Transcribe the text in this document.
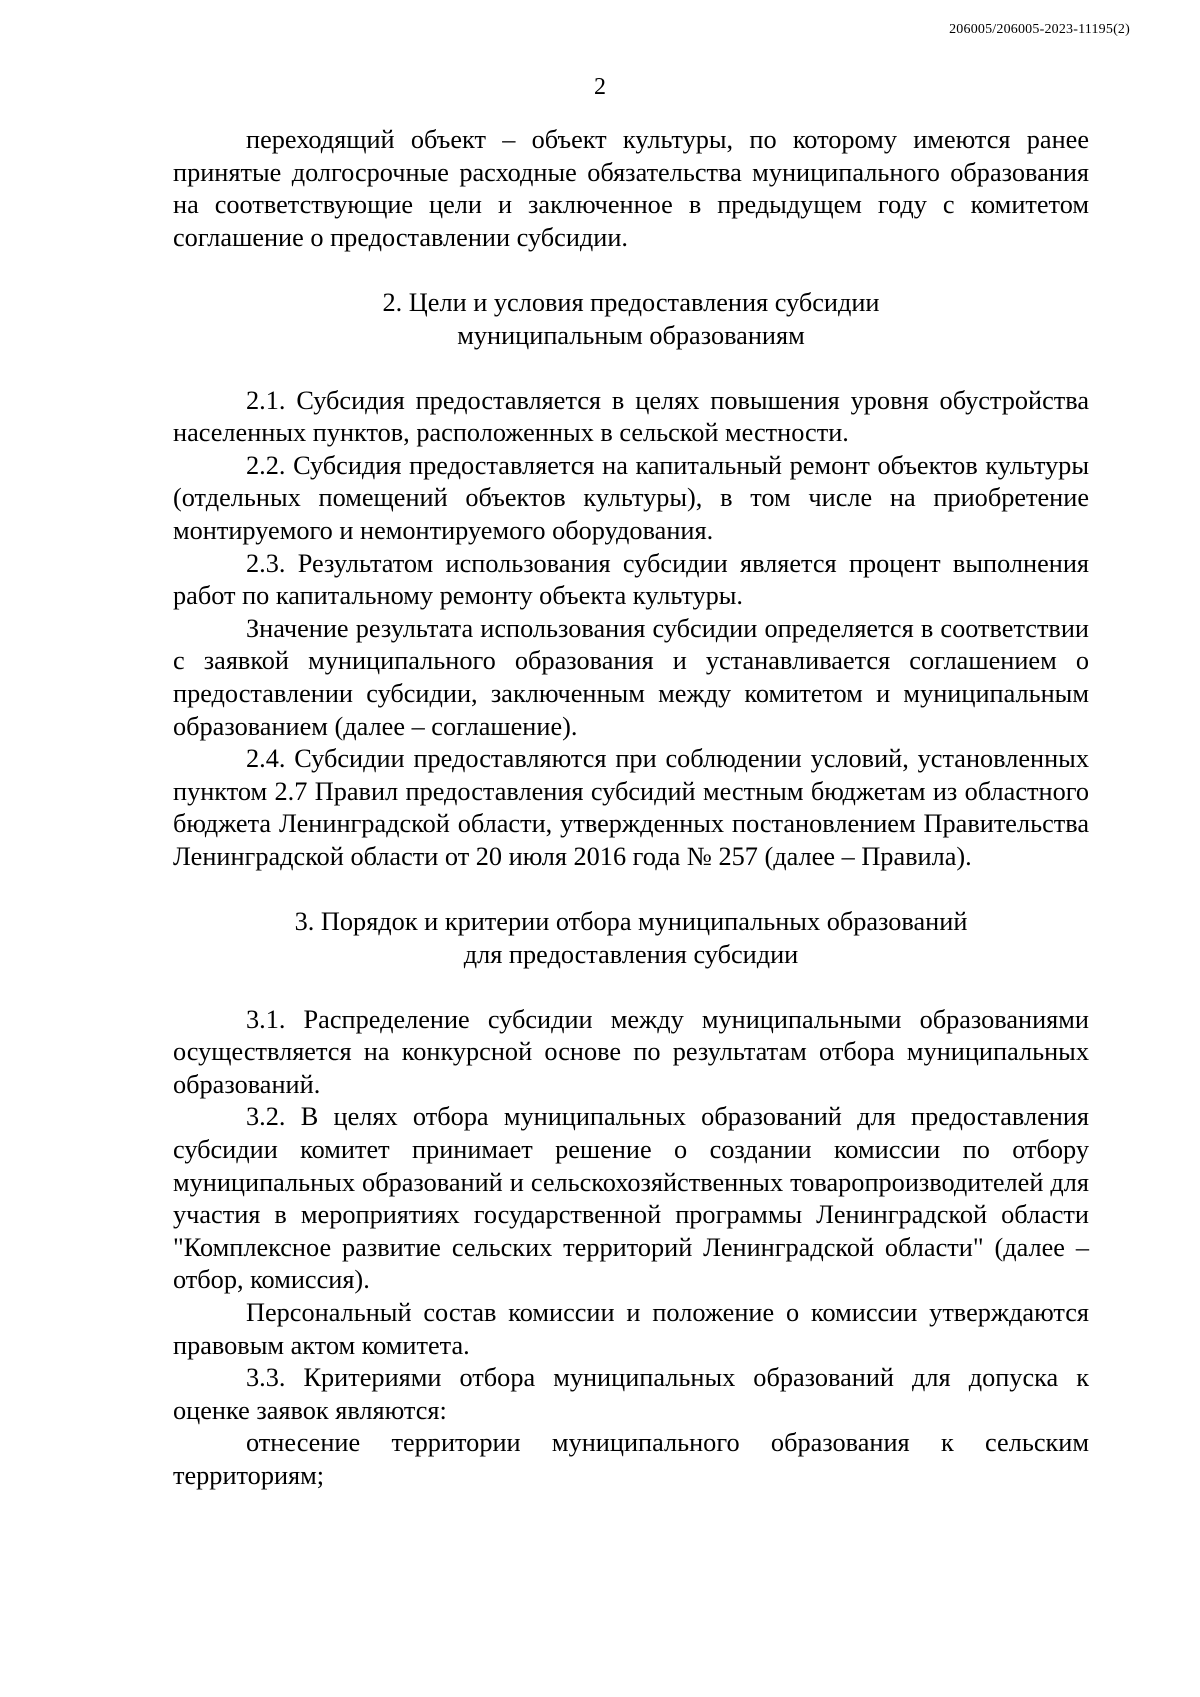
206005/206005-2023-11195(2)
2

переходящий объект – объект культуры, по которому имеются ранее принятые долгосрочные расходные обязательства муниципального образования на соответствующие цели и заключенное в предыдущем году с комитетом соглашение о предоставлении субсидии.

2. Цели и условия предоставления субсидии

муниципальным образованиям

2.1. Субсидия предоставляется в целях повышения уровня обустройства населенных пунктов, расположенных в сельской местности.

2.2. Субсидия предоставляется на капитальный ремонт объектов культуры (отдельных помещений объектов культуры), в том числе на приобретение монтируемого и немонтируемого оборудования.

2.3. Результатом использования субсидии является процент выполнения работ по капитальному ремонту объекта культуры.

Значение результата использования субсидии определяется в соответствии с заявкой муниципального образования и устанавливается соглашением о предоставлении субсидии, заключенным между комитетом и муниципальным образованием (далее – соглашение).

2.4. Субсидии предоставляются при соблюдении условий, установленных пунктом 2.7 Правил предоставления субсидий местным бюджетам из областного бюджета Ленинградской области, утвержденных постановлением Правительства Ленинградской области от 20 июля 2016 года № 257 (далее – Правила).

3. Порядок и критерии отбора муниципальных образований

для предоставления субсидии

3.1. Распределение субсидии между муниципальными образованиями осуществляется на конкурсной основе по результатам отбора муниципальных образований.

3.2. В целях отбора муниципальных образований для предоставления субсидии комитет принимает решение о создании комиссии по отбору муниципальных образований и сельскохозяйственных товаропроизводителей для участия в мероприятиях государственной программы Ленинградской области "Комплексное развитие сельских территорий Ленинградской области" (далее – отбор, комиссия).

Персональный состав комиссии и положение о комиссии утверждаются правовым актом комитета.

3.3. Критериями отбора муниципальных образований для допуска к оценке заявок являются:

отнесение территории муниципального образования к сельским территориям;
